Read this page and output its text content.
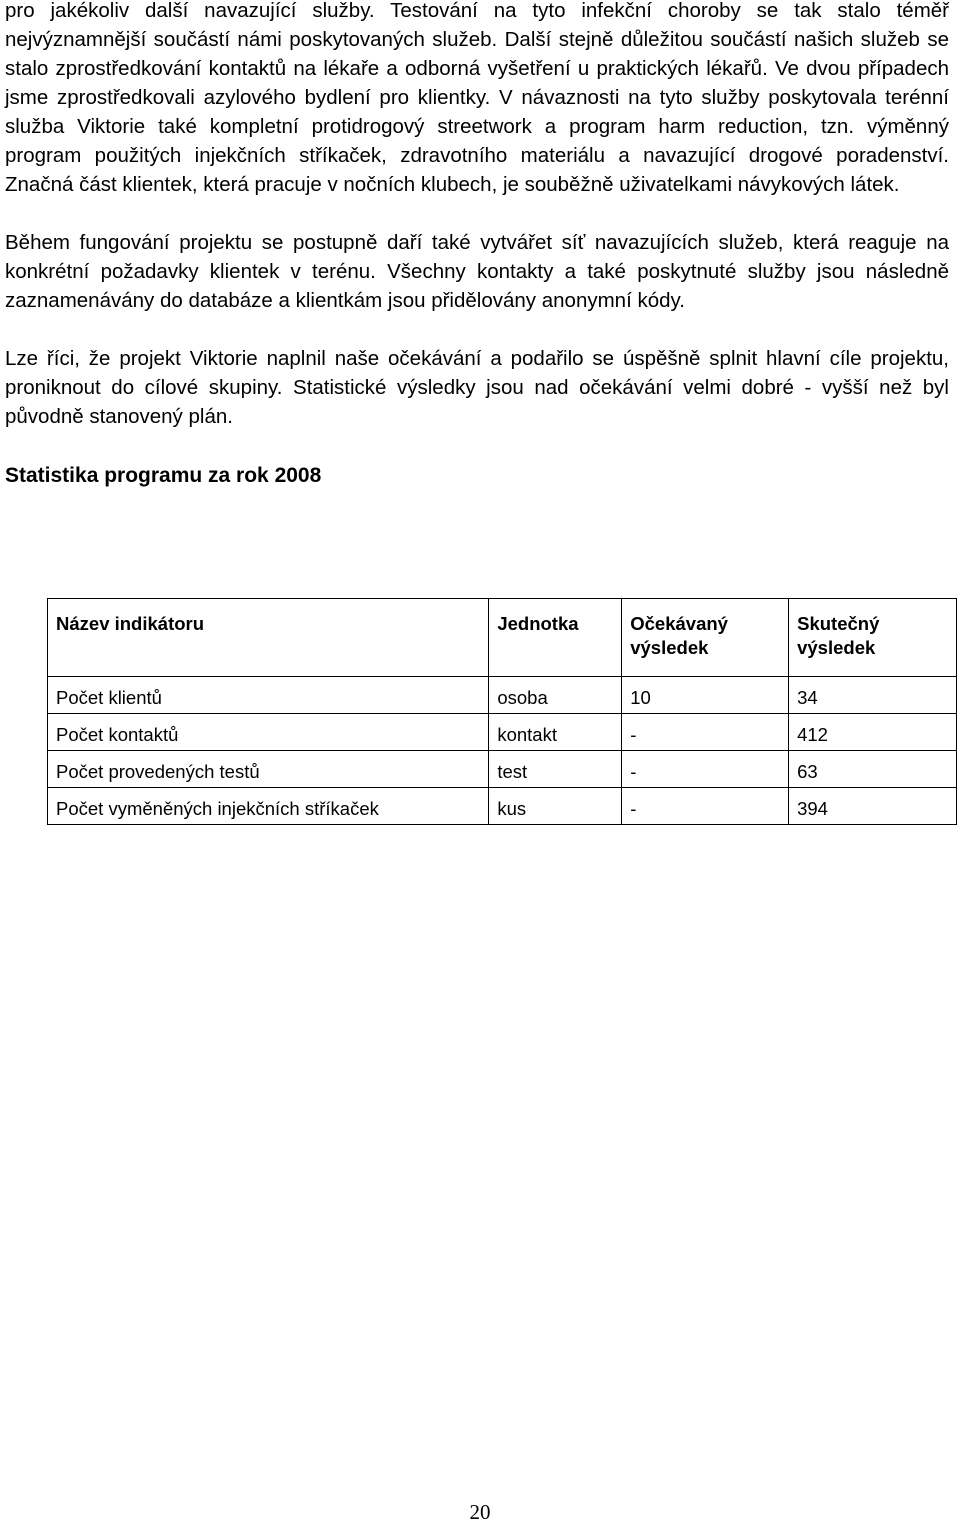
pro jakékoliv další navazující služby. Testování na tyto infekční choroby se tak stalo téměř nejvýznamnější součástí námi poskytovaných služeb. Další stejně důležitou součástí našich služeb se stalo zprostředkování kontaktů na lékaře a odborná vyšetření u praktických lékařů. Ve dvou případech jsme zprostředkovali azylového bydlení pro klientky. V návaznosti na tyto služby poskytovala terénní služba Viktorie také kompletní protidrogový streetwork a program harm reduction, tzn. výměnný program použitých injekčních stříkaček, zdravotního materiálu a navazující drogové poradenství. Značná část klientek, která pracuje v nočních klubech, je souběžně uživatelkami návykových látek.

Během fungování projektu se postupně daří také vytvářet síť navazujících služeb, která reaguje na konkrétní požadavky klientek v terénu. Všechny kontakty a také poskytnuté služby jsou následně zaznamenávány do databáze a klientkám jsou přidělovány anonymní kódy.

Lze říci, že projekt Viktorie naplnil naše očekávání a podařilo se úspěšně splnit hlavní cíle projektu, proniknout do cílové skupiny. Statistické výsledky jsou nad očekávání velmi dobré - vyšší než byl původně stanovený plán.

Statistika programu za rok 2008
Název indikátoru	Jednotka	Očekávaný výsledek	Skutečný výsledek
Počet klientů	osoba	10	34
Počet kontaktů	kontakt	-	412
Počet provedených testů	test	-	63
Počet vyměněných injekčních stříkaček	kus	-	394
20
